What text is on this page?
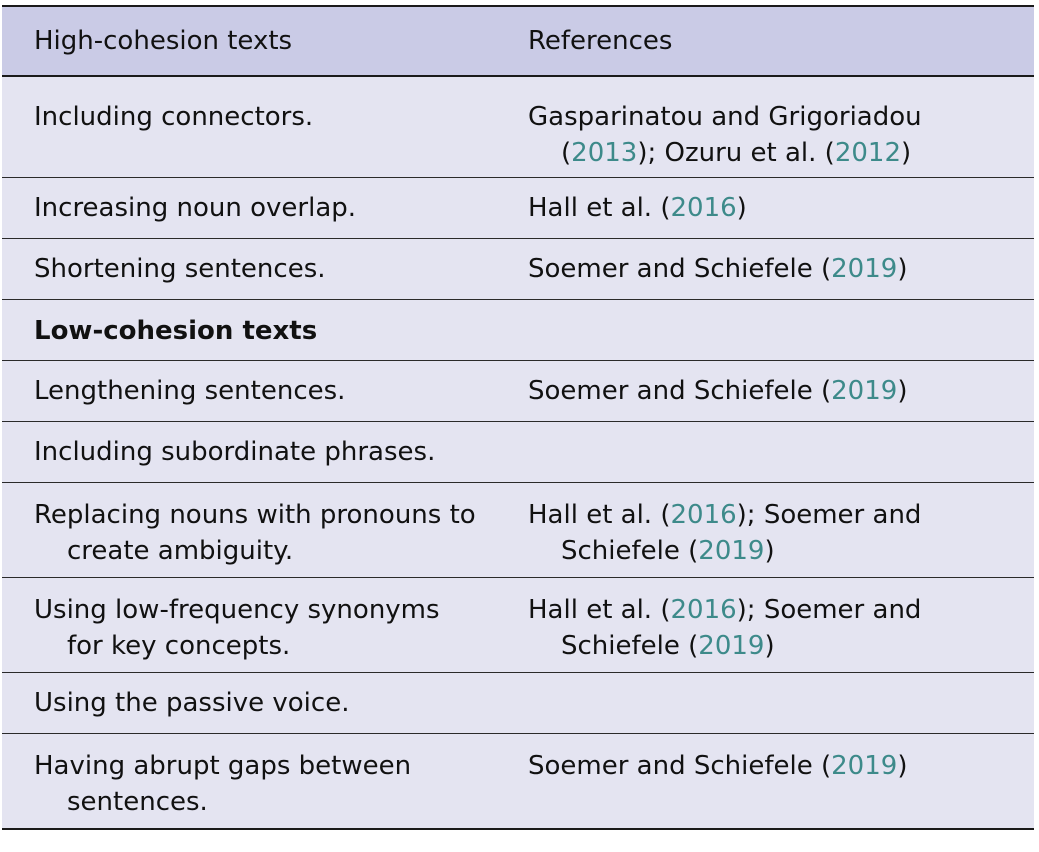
High-cohesion texts	References
Including connectors.	Gasparinatou and Grigoriadou (2013); Ozuru et al. (2012)
Increasing noun overlap.	Hall et al. (2016)
Shortening sentences.	Soemer and Schiefele (2019)
Low-cohesion texts	
Lengthening sentences.	Soemer and Schiefele (2019)
Including subordinate phrases.	
Replacing nouns with pronouns to create ambiguity.	Hall et al. (2016); Soemer and Schiefele (2019)
Using low-frequency synonyms for key concepts.	Hall et al. (2016); Soemer and Schiefele (2019)
Using the passive voice.	
Having abrupt gaps between sentences.	Soemer and Schiefele (2019)
